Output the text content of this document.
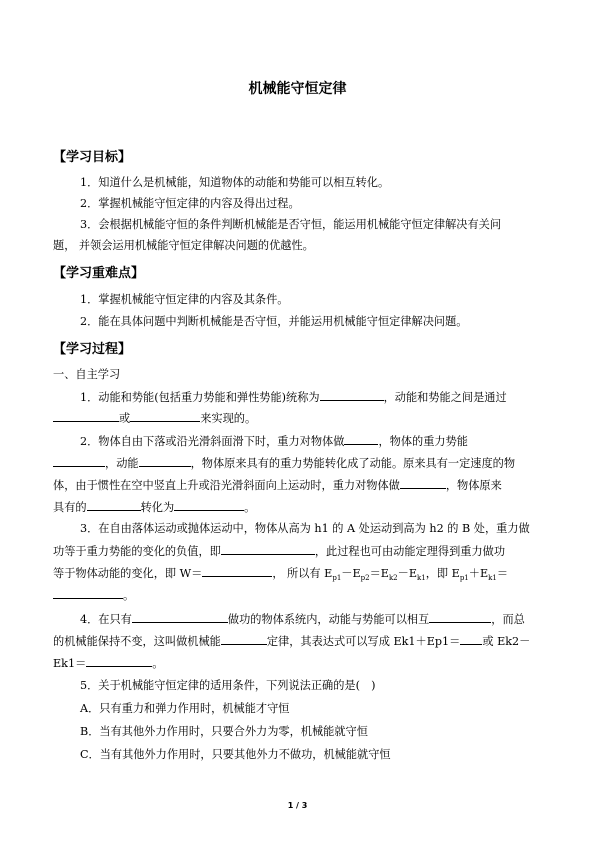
机械能守恒定律
【学习目标】
1．知道什么是机械能，知道物体的动能和势能可以相互转化。
2．掌握机械能守恒定律的内容及得出过程。
3．会根据机械能守恒的条件判断机械能是否守恒，能运用机械能守恒定律解决有关问
题， 并领会运用机械能守恒定律解决问题的优越性。
【学习重难点】
1．掌握机械能守恒定律的内容及其条件。
2．能在具体问题中判断机械能是否守恒，并能运用机械能守恒定律解决问题。
【学习过程】
一、自主学习
1．动能和势能(包括重力势能和弹性势能)统称为	，动能和势能之间是通过
或	来实现的。
2．物体自由下落或沿光滑斜面滑下时，重力对物体做	，物体的重力势能
，动能	，物体原来具有的重力势能转化成了动能。原来具有一定速度的物
体，由于惯性在空中竖直上升或沿光滑斜面向上运动时，重力对物体做	，物体原来
具有的	转化为	。
3．在自由落体运动或抛体运动中，物体从高为 h1 的 A 处运动到高为 h2 的 B 处，重力做
功等于重力势能的变化的负值，即	，此过程也可由动能定理得到重力做功
等于物体动能的变化，即 W＝	， 所以有 $E_{p1}-E_{p2}=E_{k2}-E_{k1}$，即 $E_{p1}+E_{k1}=$
。
4．在只有	做功的物体系统内，动能与势能可以相互	，而总
的机械能保持不变，这叫做机械能	定律，其表达式可以写成 Ek1＋Ep1＝ 或 Ek2－
Ek1＝	。
5．关于机械能守恒定律的适用条件，下列说法正确的是(　)
A．只有重力和弹力作用时，机械能才守恒
B．当有其他外力作用时，只要合外力为零，机械能就守恒
C．当有其他外力作用时，只要其他外力不做功，机械能就守恒
1 / 3
